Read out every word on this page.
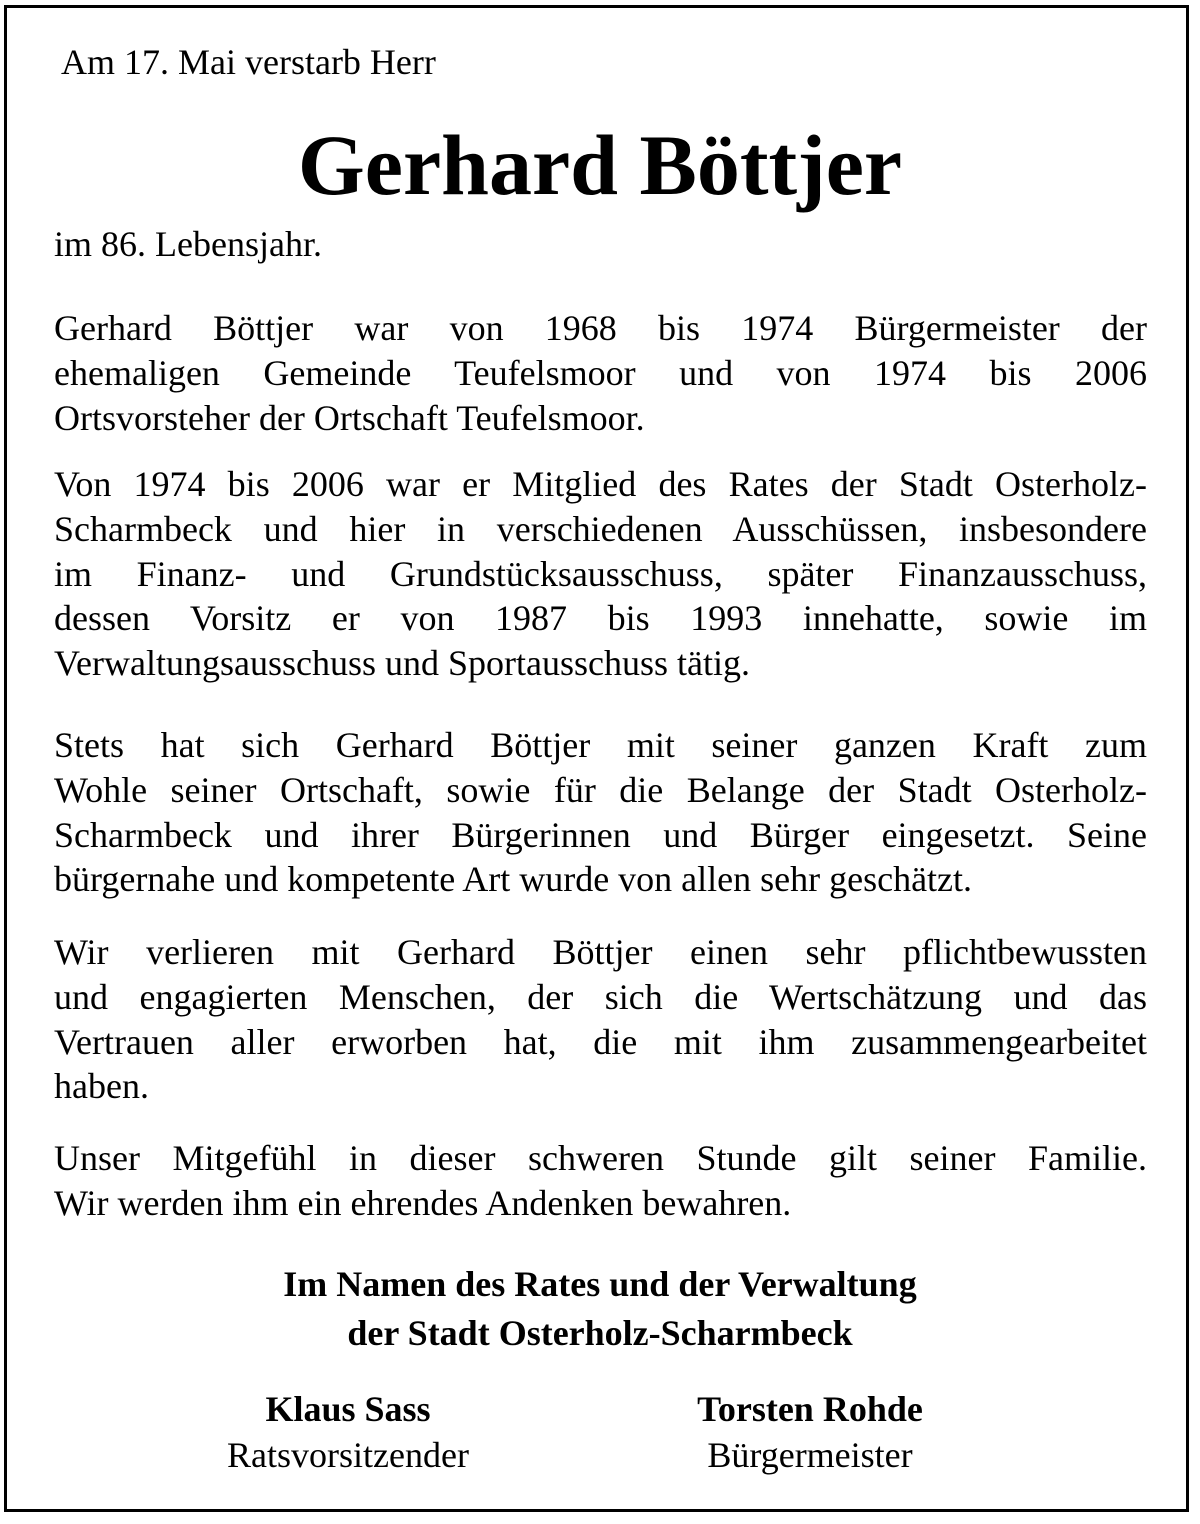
Am 17. Mai verstarb Herr
Gerhard Böttjer
im 86. Lebensjahr.
Gerhard Böttjer war von 1968 bis 1974 Bürgermeister der
ehemaligen Gemeinde Teufelsmoor und von 1974 bis 2006
Ortsvorsteher der Ortschaft Teufelsmoor.
Von 1974 bis 2006 war er Mitglied des Rates der Stadt Osterholz-
Scharmbeck und hier in verschiedenen Ausschüssen, insbesondere
im Finanz- und Grundstücksausschuss, später Finanzausschuss,
dessen Vorsitz er von 1987 bis 1993 innehatte, sowie im
Verwaltungsausschuss und Sportausschuss tätig.
Stets hat sich Gerhard Böttjer mit seiner ganzen Kraft zum
Wohle seiner Ortschaft, sowie für die Belange der Stadt Osterholz-
Scharmbeck und ihrer Bürgerinnen und Bürger eingesetzt. Seine
bürgernahe und kompetente Art wurde von allen sehr geschätzt.
Wir verlieren mit Gerhard Böttjer einen sehr pflichtbewussten
und engagierten Menschen, der sich die Wertschätzung und das
Vertrauen aller erworben hat, die mit ihm zusammengearbeitet
haben.
Unser Mitgefühl in dieser schweren Stunde gilt seiner Familie.
Wir werden ihm ein ehrendes Andenken bewahren.
Im Namen des Rates und der Verwaltung
der Stadt Osterholz-Scharmbeck
Klaus Sass
Ratsvorsitzender
Torsten Rohde
Bürgermeister
